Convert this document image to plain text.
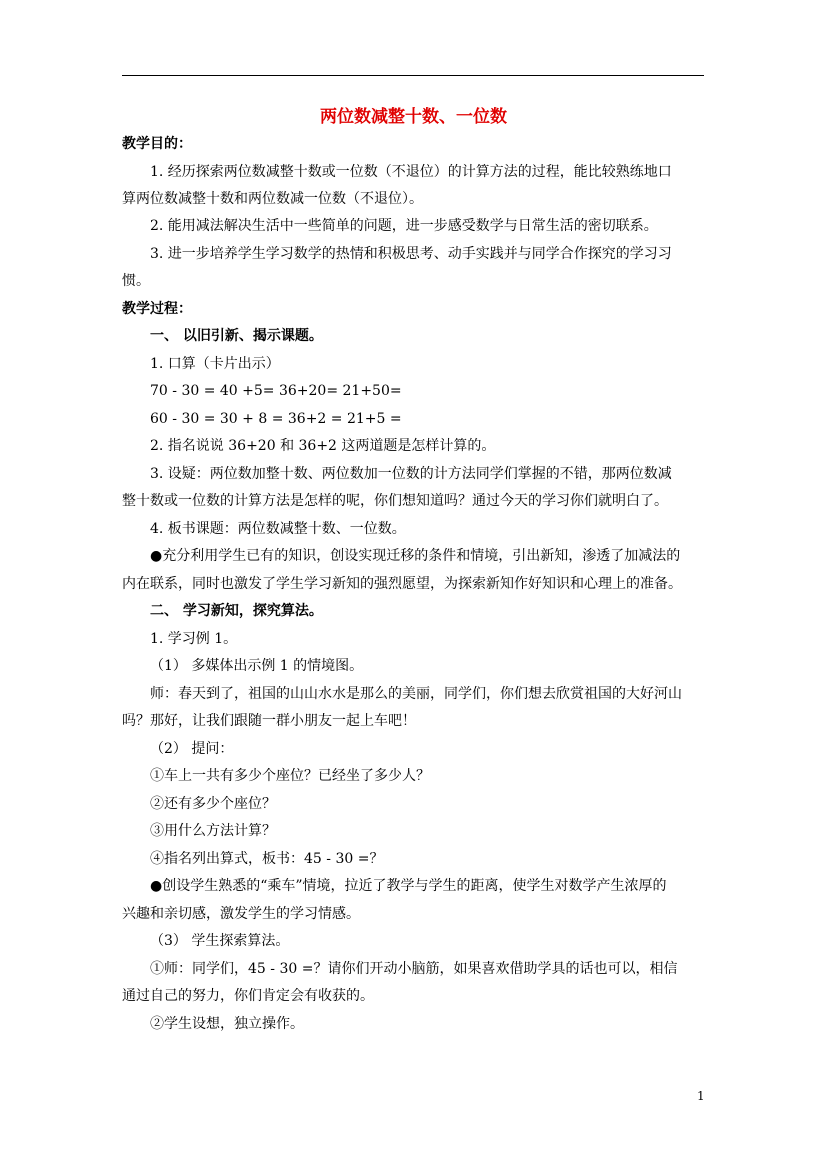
两位数减整十数、一位数
教学目的：
1. 经历探索两位数减整十数或一位数（不退位）的计算方法的过程，能比较熟练地口
算两位数减整十数和两位数减一位数（不退位）。
2. 能用减法解决生活中一些简单的问题，进一步感受数学与日常生活的密切联系。
3. 进一步培养学生学习数学的热情和积极思考、动手实践并与同学合作探究的学习习
惯。
教学过程：
一、 以旧引新、揭示课题。
1. 口算（卡片出示）
70 - 30 = 40 +5= 36+20= 21+50=
60 - 30 = 30 + 8 = 36+2 = 21+5 =
2. 指名说说 36+20 和 36+2 这两道题是怎样计算的。
3. 设疑：两位数加整十数、两位数加一位数的计方法同学们掌握的不错，那两位数减
整十数或一位数的计算方法是怎样的呢，你们想知道吗？通过今天的学习你们就明白了。
4. 板书课题：两位数减整十数、一位数。
●充分利用学生已有的知识，创设实现迁移的条件和情境，引出新知，渗透了加减法的
内在联系，同时也激发了学生学习新知的强烈愿望，为探索新知作好知识和心理上的准备。
二、 学习新知，探究算法。
1. 学习例 1。
（1） 多媒体出示例 1 的情境图。
师：春天到了，祖国的山山水水是那么的美丽，同学们，你们想去欣赏祖国的大好河山
吗？那好，让我们跟随一群小朋友一起上车吧！
（2） 提问：
①车上一共有多少个座位？已经坐了多少人？
②还有多少个座位？
③用什么方法计算？
④指名列出算式，板书：45 - 30 =？
●创设学生熟悉的“乘车”情境，拉近了教学与学生的距离，使学生对数学产生浓厚的
兴趣和亲切感，激发学生的学习情感。
（3） 学生探索算法。
①师：同学们，45 - 30 =？请你们开动小脑筋，如果喜欢借助学具的话也可以，相信
通过自己的努力，你们肯定会有收获的。
②学生设想，独立操作。
1
